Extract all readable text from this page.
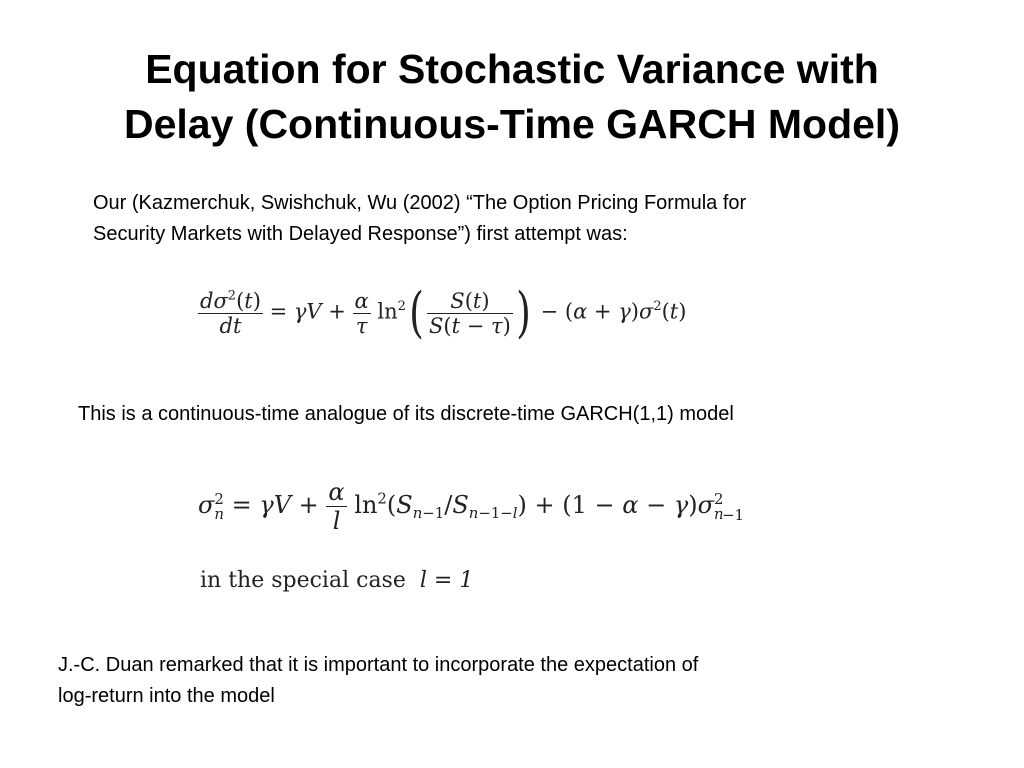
Equation for Stochastic Variance with
Delay (Continuous-Time GARCH Model)
Our (Kazmerchuk, Swishchuk, Wu (2002) “The Option Pricing Formula for
Security Markets with Delayed Response”) first attempt was:
$\frac{d\sigma^2(t)}{dt} = \gamma V + \frac{\alpha}{\tau} \ln^2( \frac{S(t)}{S(t - \tau)}$ ) − $(\alpha + \gamma)\sigma^2(t)$
This is a continuous-time analogue of its discrete-time GARCH(1,1) model
σ 2
$n = \gamma V + \frac{\alpha}{l} \ln^2(S_{n-1}/S_{n-1-l}) + (1 - \alpha - \gamma)\sigma$ 2
n
$_{-1}$
in the special case l = 1
J.-C. Duan remarked that it is important to incorporate the expectation of
log-return into the model
